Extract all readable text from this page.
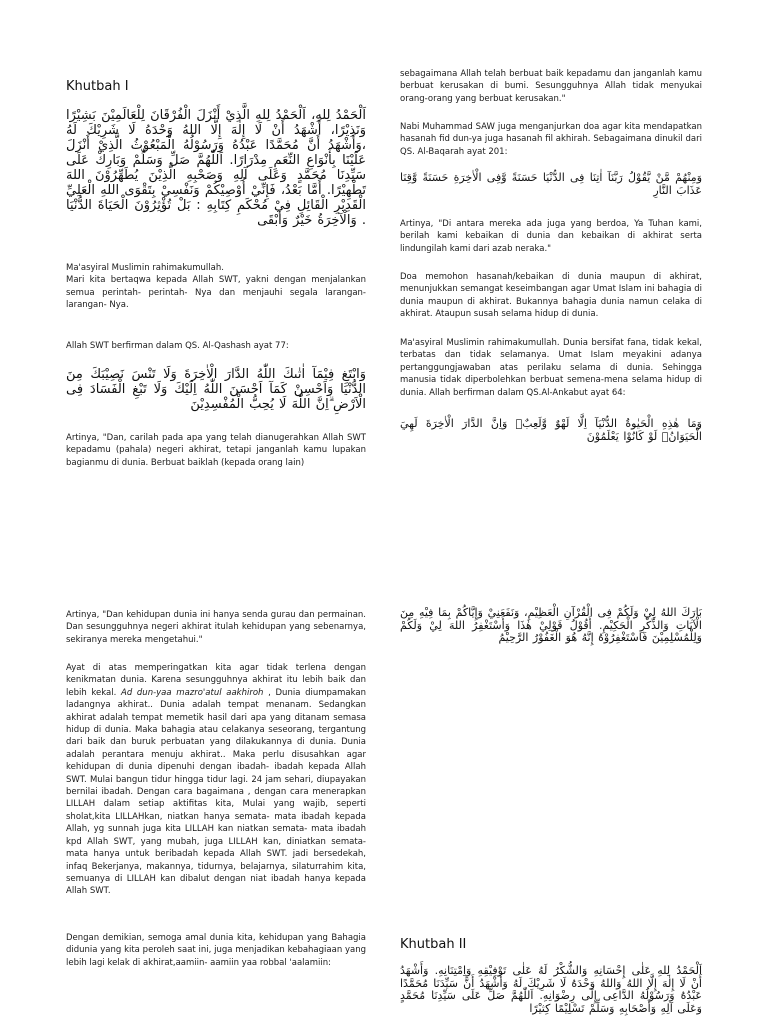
Khutbah I

اَلْحَمْدُ لِلهِ، اَلْحَمْدُ لِلهِ الَّذِيْ أَنْزَلَ الْفُرْقَانَ لِلْعَالَمِيْنَ بَشِيْرًا وَنَذِيْرًا، أَشْهَدُ أَنْ لَا إِلٰهَ إِلَّا اللهُ وَحْدَهُ لَا شَرِيْكَ لَهُ ،وَأَشْهَدُ أَنَّ مُحَمَّدًا عَبْدُهُ وَرَسُوْلُهُ الْمَبْعُوْثُ الَّذِيْ أَنْزَلَ عَلَيْنَا بِأَنْوَاعِ النِّعَمِ مِدْرَارًا. اَللّٰهُمَّ صَلِّ وَسَلِّمْ وَبَارِكْ عَلَى سَيِّدِنَا مُحَمَّدٍ وَعَلَى آلِهِ وَصَحْبِهِ الَّذِيْنَ يُطَهِّرُوْنَ اللهَ تَطْهِيْرًا. أَمَّا بَعْدُ، فَإِنِّيْ أُوْصِيْكُمْ وَنَفْسِيْ بِتَقْوَى اللهِ الْعَلِيِّ الْقَدِيْرِ الْقَائِلِ فِيْ مُحْكَمِ كِتَابِهِ : بَلْ تُؤْثِرُوْنَ الْحَيَاةَ الدُّنْيَا . وَالْآخِرَةُ خَيْرٌ وَأَبْقَى

Ma'asyiral Muslimin rahimakumullah.
Mari kita bertaqwa kepada Allah SWT, yakni dengan menjalankan semua perintah- perintah- Nya dan menjauhi segala larangan- larangan- Nya.

Allah SWT berfirman dalam QS. Al-Qashash ayat 77:

وَابْتَغِ فِيْمَآ اٰتٰىكَ اللّٰهُ الدَّارَ الْاٰخِرَةَ وَلَا تَنْسَ نَصِيْبَكَ مِنَ الدُّنْيَا وَاَحْسِنْ كَمَآ اَحْسَنَ اللّٰهُ اِلَيْكَ وَلَا تَبْغِ الْفَسَادَ فِى الْاَرْضِ ۗاِنَّ اللّٰهَ لَا يُحِبُّ الْمُفْسِدِيْنَ

Artinya, "Dan, carilah pada apa yang telah dianugerahkan Allah SWT kepadamu (pahala) negeri akhirat, tetapi janganlah kamu lupakan bagianmu di dunia. Berbuat baiklah (kepada orang lain)

Artinya, "Dan kehidupan dunia ini hanya senda gurau dan permainan. Dan sesungguhnya negeri akhirat itulah kehidupan yang sebenarnya, sekiranya mereka mengetahui."

Ayat di atas memperingatkan kita agar tidak terlena dengan kenikmatan dunia. Karena sesungguhnya akhirat itu lebih baik dan lebih kekal. Ad dun-yaa mazro'atul aakhiroh , Dunia diumpamakan ladangnya akhirat.. Dunia adalah tempat menanam. Sedangkan akhirat adalah tempat memetik hasil dari apa yang ditanam semasa hidup di dunia. Maka bahagia atau celakanya seseorang, tergantung dari baik dan buruk perbuatan yang dilakukannya di dunia. Dunia adalah perantara menuju akhirat.. Maka perlu disusahkan agar kehidupan di dunia dipenuhi dengan ibadah- ibadah kepada Allah SWT. Mulai bangun tidur hingga tidur lagi. 24 jam sehari, diupayakan bernilai ibadah. Dengan cara bagaimana , dengan cara menerapkan LILLAH dalam setiap aktifitas kita, Mulai yang wajib, seperti sholat,kita LILLAHkan, niatkan hanya semata- mata ibadah kepada Allah, yg sunnah juga kita LILLAH kan niatkan semata- mata ibadah kpd Allah SWT, yang mubah, juga LILLAH kan, diniatkan semata- mata hanya untuk beribadah kepada Allah SWT. jadi bersedekah, infaq Bekerjanya, makannya, tidurnya, belajarnya, silaturrahim kita, semuanya di LILLAH kan dibalut dengan niat ibadah hanya kepada Allah SWT.

Dengan demikian, semoga amal dunia kita, kehidupan yang Bahagia didunia yang kita peroleh saat ini, juga menjadikan kebahagiaan yang lebih lagi kelak di akhirat,aamiin- aamiin yaa robbal 'aalamiin:

sebagaimana Allah telah berbuat baik kepadamu dan janganlah kamu berbuat kerusakan di bumi. Sesungguhnya Allah tidak menyukai orang-orang yang berbuat kerusakan."

Nabi Muhammad SAW juga menganjurkan doa agar kita mendapatkan hasanah fid dun-ya juga hasanah fil akhirah. Sebagaimana dinukil dari QS. Al-Baqarah ayat 201:

وَمِنْهُمْ مَّنْ يَّقُوْلُ رَبَّنَآ اٰتِنَا فِى الدُّنْيَا حَسَنَةً وَّفِى الْاٰخِرَةِ حَسَنَةً وَّقِنَا عَذَابَ النَّارِ

Artinya, "Di antara mereka ada juga yang berdoa, Ya Tuhan kami, berilah kami kebaikan di dunia dan kebaikan di akhirat serta lindungilah kami dari azab neraka."

Doa memohon hasanah/kebaikan di dunia maupun di akhirat, menunjukkan semangat keseimbangan agar Umat Islam ini bahagia di dunia maupun di akhirat. Bukannya bahagia dunia namun celaka di akhirat. Ataupun susah selama hidup di dunia.

Ma'asyiral Muslimin rahimakumullah. Dunia bersifat fana, tidak kekal, terbatas dan tidak selamanya. Umat Islam meyakini adanya pertanggungjawaban atas perilaku selama di dunia. Sehingga manusia tidak diperbolehkan berbuat semena-mena selama hidup di dunia. Allah berfirman dalam QS.Al-Ankabut ayat 64:

وَمَا هٰذِهِ الْحَيٰوةُ الدُّنْيَآ اِلَّا لَهْوٌ وَّلَعِبٌۗ وَاِنَّ الدَّارَ الْاٰخِرَةَ لَهِيَ الْحَيَوَانُۘ لَوْ كَانُوْا يَعْلَمُوْنَ

بَارَكَ اللهُ لِيْ وَلَكُمْ فِى الْقُرْآنِ الْعَظِيْمِ، وَنَفَعَنِيْ وَإِيَّاكُمْ بِمَا فِيْهِ مِنَ الْآيَاتِ وَالذِّكْرِ الْحَكِيْمِ. أَقُوْلُ قَوْلِيْ هٰذَا وَأَسْتَغْفِرُ اللهَ لِيْ وَلَكُمْ وَلِلْمُسْلِمِيْنَ فَاسْتَغْفِرُوْهُ إِنَّهُ هُوَ الْغَفُوْرُ الرَّحِيْمُ

Khutbah II

اَلْحَمْدُ لِلهِ عَلٰى إِحْسَانِهِ وَالشُّكْرُ لَهُ عَلٰى تَوْفِيْقِهِ وَاِمْتِنَانِهِ. وَأَشْهَدُ أَنْ لَا إِلٰهَ إِلَّا اللهُ وَاللهُ وَحْدَهُ لَا شَرِيْكَ لَهُ وَأَشْهَدُ أَنَّ سَيِّدَنَا مُحَمَّدًا عَبْدُهُ وَرَسُوْلُهُ الدَّاعِى إِلَى رِضْوَانِهِ. اَللّٰهُمَّ صَلِّ عَلَى سَيِّدِنَا مُحَمَّدٍ وَعَلَى آلِهِ وَأَصْحَابِهِ وَسَلِّمْ تَسْلِيْمًا كِثيْرًا
